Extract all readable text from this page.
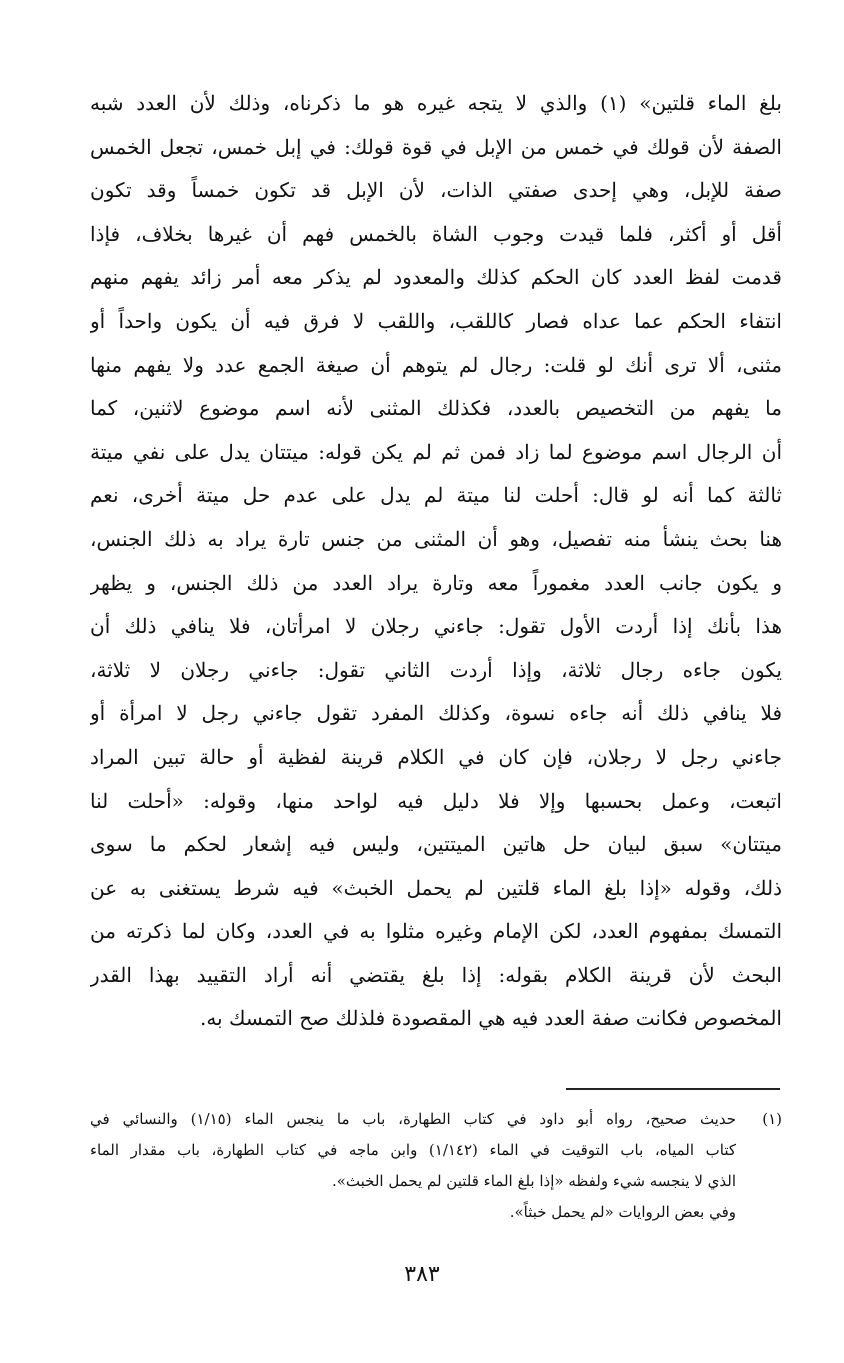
بلغ الماء قلتين» (١) والذي لا يتجه غيره هو ما ذكرناه، وذلك لأن العدد شبه
الصفة لأن قولك في خمس من الإبل في قوة قولك: في إبل خمس، تجعل الخمس
صفة للإبل، وهي إحدى صفتي الذات، لأن الإبل قد تكون خمساً وقد تكون
أقل أو أكثر، فلما قيدت وجوب الشاة بالخمس فهم أن غيرها بخلاف، فإذا
قدمت لفظ العدد كان الحكم كذلك والمعدود لم يذكر معه أمر زائد يفهم منهم
انتفاء الحكم عما عداه فصار كاللقب، واللقب لا فرق فيه أن يكون واحداً أو
مثنى، ألا ترى أنك لو قلت: رجال لم يتوهم أن صيغة الجمع عدد ولا يفهم منها
ما يفهم من التخصيص بالعدد، فكذلك المثنى لأنه اسم موضوع لاثنين، كما
أن الرجال اسم موضوع لما زاد فمن ثم لم يكن قوله: ميتتان يدل على نفي ميتة
ثالثة كما أنه لو قال: أحلت لنا ميتة لم يدل على عدم حل ميتة أخرى، نعم
هنا بحث ينشأ منه تفصيل، وهو أن المثنى من جنس تارة يراد به ذلك الجنس،
و يكون جانب العدد مغموراً معه وتارة يراد العدد من ذلك الجنس، و يظهر
هذا بأنك إذا أردت الأول تقول: جاءني رجلان لا امرأتان، فلا ينافي ذلك أن
يكون جاءه رجال ثلاثة، وإذا أردت الثاني تقول: جاءني رجلان لا ثلاثة،
فلا ينافي ذلك أنه جاءه نسوة، وكذلك المفرد تقول جاءني رجل لا امرأة أو
جاءني رجل لا رجلان، فإن كان في الكلام قرينة لفظية أو حالة تبين المراد
اتبعت، وعمل بحسبها وإلا فلا دليل فيه لواحد منها، وقوله: «أحلت لنا
ميتتان» سبق لبيان حل هاتين الميتتين، وليس فيه إشعار لحكم ما سوى
ذلك، وقوله «إذا بلغ الماء قلتين لم يحمل الخبث» فيه شرط يستغنى به عن
التمسك بمفهوم العدد، لكن الإمام وغيره مثلوا به في العدد، وكان لما ذكرته من
البحث لأن قرينة الكلام بقوله: إذا بلغ يقتضي أنه أراد التقييد بهذا القدر
المخصوص فكانت صفة العدد فيه هي المقصودة فلذلك صح التمسك به.
(١)
حديث صحيح، رواه أبو داود في كتاب الطهارة، باب ما ينجس الماء (١/١٥) والنسائي في
كتاب المياه، باب التوقيت في الماء (١/١٤٢) وابن ماجه في كتاب الطهارة، باب مقدار الماء
الذي لا ينجسه شيء ولفظه «إذا بلغ الماء قلتين لم يحمل الخبث».
وفي بعض الروايات «لم يحمل خبثاً».
٣٨٣
